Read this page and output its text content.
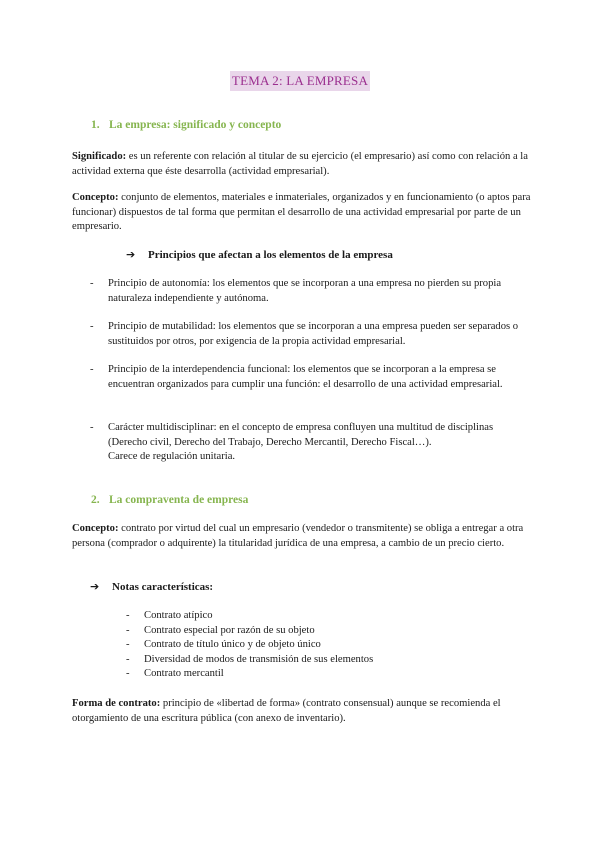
TEMA 2: LA EMPRESA
1. La empresa: significado y concepto
Significado: es un referente con relación al titular de su ejercicio (el empresario) así como con relación a la actividad externa que éste desarrolla (actividad empresarial).
Concepto: conjunto de elementos, materiales e inmateriales, organizados y en funcionamiento (o aptos para funcionar) dispuestos de tal forma que permitan el desarrollo de una actividad empresarial por parte de un empresario.
➔ Principios que afectan a los elementos de la empresa
- Principio de autonomía: los elementos que se incorporan a una empresa no pierden su propia naturaleza independiente y autónoma.
- Principio de mutabilidad: los elementos que se incorporan a una empresa pueden ser separados o sustituidos por otros, por exigencia de la propia actividad empresarial.
- Principio de la interdependencia funcional: los elementos que se incorporan a la empresa se encuentran organizados para cumplir una función: el desarrollo de una actividad empresarial.
- Carácter multidisciplinar: en el concepto de empresa confluyen una multitud de disciplinas (Derecho civil, Derecho del Trabajo, Derecho Mercantil, Derecho Fiscal…).
Carece de regulación unitaria.
2. La compraventa de empresa
Concepto: contrato por virtud del cual un empresario (vendedor o transmitente) se obliga a entregar a otra persona (comprador o adquirente) la titularidad jurídica de una empresa, a cambio de un precio cierto.
➔ Notas características:
- Contrato atípico
- Contrato especial por razón de su objeto
- Contrato de título único y de objeto único
- Diversidad de modos de transmisión de sus elementos
- Contrato mercantil
Forma de contrato: principio de «libertad de forma» (contrato consensual) aunque se recomienda el otorgamiento de una escritura pública (con anexo de inventario).
